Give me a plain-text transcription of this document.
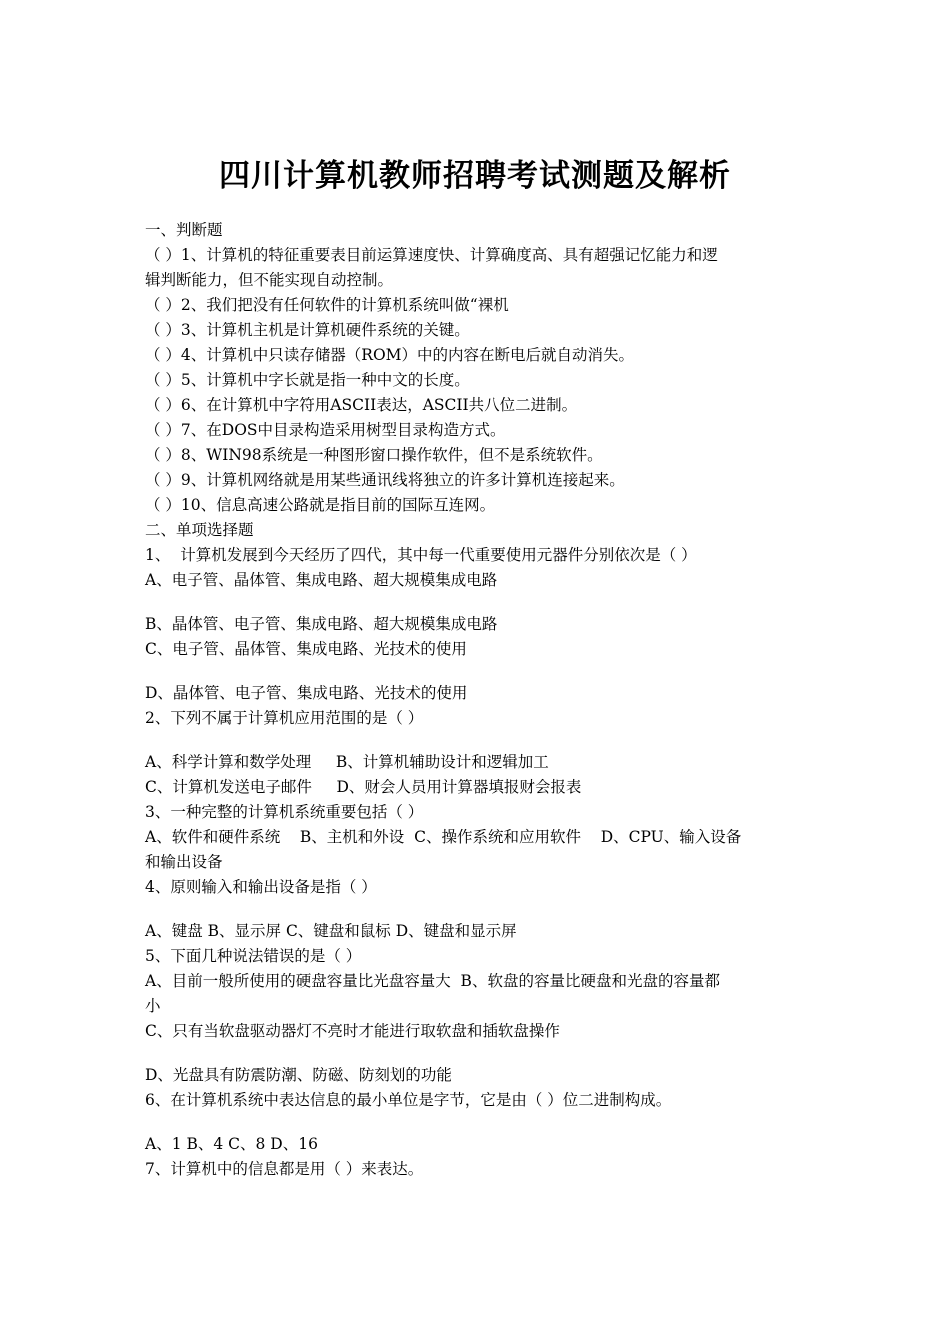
四川计算机教师招聘考试测题及解析

一、判断题

（ ）1、计算机的特征重要表目前运算速度快、计算确度高、具有超强记忆能力和逻

辑判断能力，但不能实现自动控制。

（ ）2、我们把没有任何软件的计算机系统叫做“裸机

（ ）3、计算机主机是计算机硬件系统的关键。

（ ）4、计算机中只读存储器（ROM）中的内容在断电后就自动消失。

（ ）5、计算机中字长就是指一种中文的长度。

（ ）6、在计算机中字符用ASCII表达，ASCII共八位二进制。

（ ）7、在DOS中目录构造采用树型目录构造方式。

（ ）8、WIN98系统是一种图形窗口操作软件，但不是系统软件。

（ ）9、计算机网络就是用某些通讯线将独立的许多计算机连接起来。

（ ）10、信息高速公路就是指目前的国际互连网。

二、单项选择题

1、  计算机发展到今天经历了四代，其中每一代重要使用元器件分别依次是（ ）

A、电子管、晶体管、集成电路、超大规模集成电路

B、晶体管、电子管、集成电路、超大规模集成电路

C、电子管、晶体管、集成电路、光技术的使用

D、晶体管、电子管、集成电路、光技术的使用

2、下列不属于计算机应用范围的是（ ）

A、科学计算和数学处理     B、计算机辅助设计和逻辑加工

C、计算机发送电子邮件     D、财会人员用计算器填报财会报表

3、一种完整的计算机系统重要包括（ ）

A、软件和硬件系统    B、主机和外设  C、操作系统和应用软件    D、CPU、输入设备

和输出设备

4、原则输入和输出设备是指（ ）

A、键盘 B、显示屏 C、键盘和鼠标 D、键盘和显示屏

5、下面几种说法错误的是（ ）

A、目前一般所使用的硬盘容量比光盘容量大  B、软盘的容量比硬盘和光盘的容量都

小

C、只有当软盘驱动器灯不亮时才能进行取软盘和插软盘操作

D、光盘具有防震防潮、防磁、防刻划的功能

6、在计算机系统中表达信息的最小单位是字节，它是由（ ）位二进制构成。

A、1 B、4 C、8 D、16

7、计算机中的信息都是用（ ）来表达。
